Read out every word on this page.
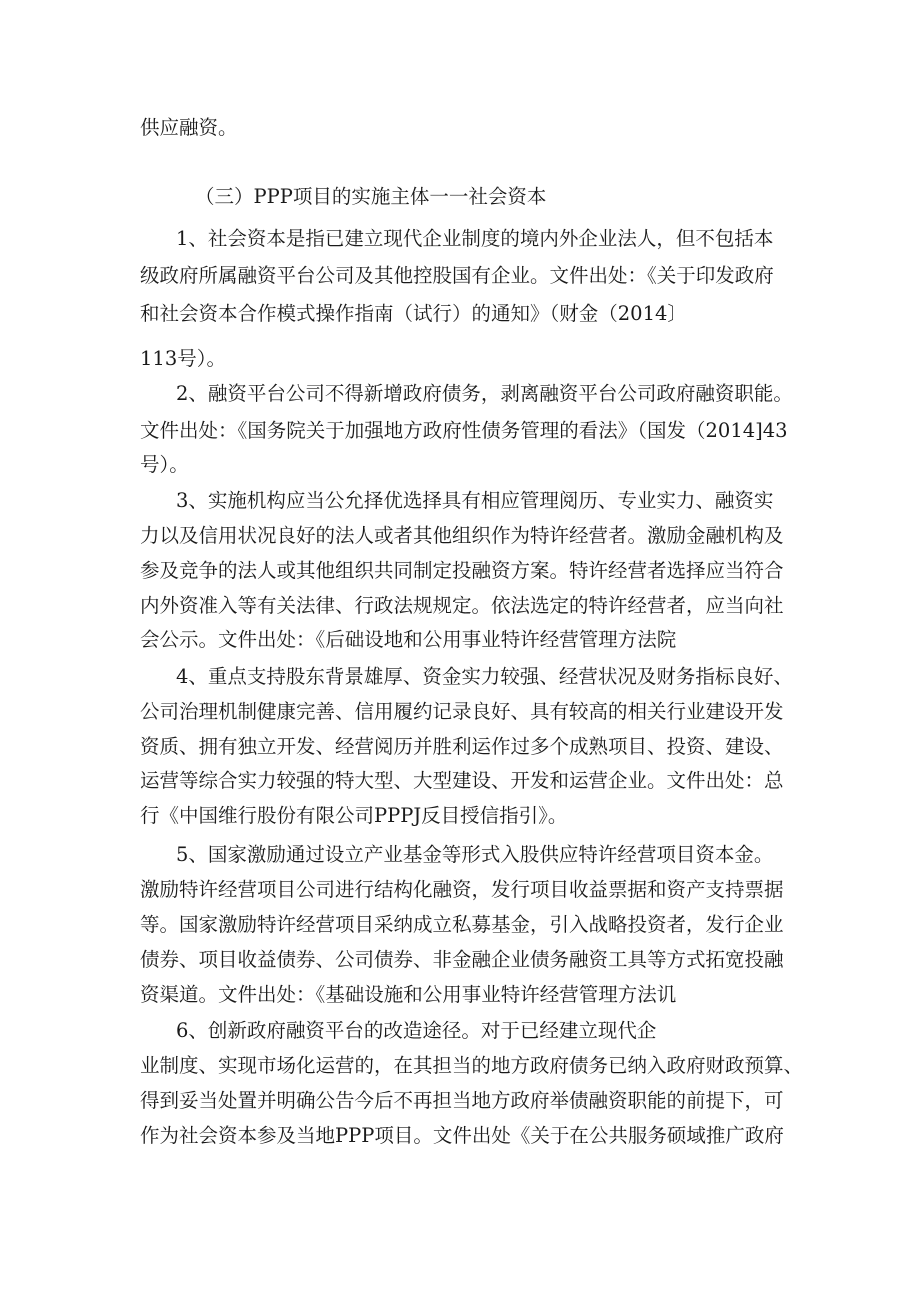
供应融资。
（三）PPP项目的实施主体一一社会资本
1、社会资本是指已建立现代企业制度的境内外企业法人，但不包括本
级政府所属融资平台公司及其他控股国有企业。文件出处：《关于印发政府
和社会资本合作模式操作指南（试行）的通知》（财金（2014〕
113号）。
2、融资平台公司不得新增政府债务，剥离融资平台公司政府融资职能。
文件出处：《国务院关于加强地方政府性债务管理的看法》（国发（2014]43
号）。
3、实施机构应当公允择优选择具有相应管理阅历、专业实力、融资实
力以及信用状况良好的法人或者其他组织作为特许经营者。激励金融机构及
参及竞争的法人或其他组织共同制定投融资方案。特许经营者选择应当符合
内外资准入等有关法律、行政法规规定。依法选定的特许经营者，应当向社
会公示。文件出处：《后础设地和公用事业特许经营管理方法院
4、重点支持股东背景雄厚、资金实力较强、经营状况及财务指标良好、
公司治理机制健康完善、信用履约记录良好、具有较高的相关行业建设开发
资质、拥有独立开发、经营阅历并胜利运作过多个成熟项目、投资、建设、
运营等综合实力较强的特大型、大型建设、开发和运营企业。文件出处：总
行《中国维行股份有限公司PPPJ反目授信指引》。
5、国家激励通过设立产业基金等形式入股供应特许经营项目资本金。
激励特许经营项目公司进行结构化融资，发行项目收益票据和资产支持票据
等。国家激励特许经营项目采纳成立私募基金，引入战略投资者，发行企业
债券、项目收益债券、公司债券、非金融企业债务融资工具等方式拓宽投融
资渠道。文件出处：《基础设施和公用事业特许经营管理方法讥
6、创新政府融资平台的改造途径。对于已经建立现代企
业制度、实现市场化运营的，在其担当的地方政府债务已纳入政府财政预算、
得到妥当处置并明确公告今后不再担当地方政府举债融资职能的前提下，可
作为社会资本参及当地PPP项目。文件出处《关于在公共服务硕域推广政府
